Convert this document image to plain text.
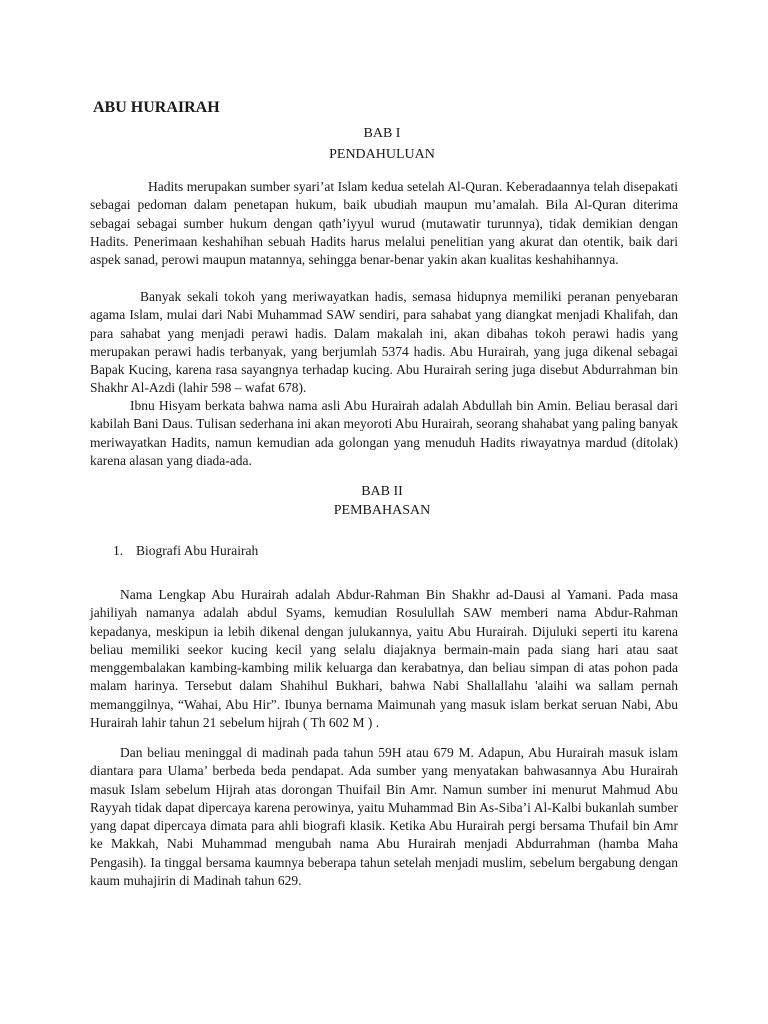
ABU HURAIRAH
BAB I
PENDAHULUAN

Hadits merupakan sumber syari’at Islam kedua setelah Al-Quran. Keberadaannya telah disepakati sebagai pedoman dalam penetapan hukum, baik ubudiah maupun mu’amalah. Bila Al-Quran diterima sebagai sebagai sumber hukum dengan qath’iyyul wurud (mutawatir turunnya), tidak demikian dengan Hadits. Penerimaan keshahihan sebuah Hadits harus melalui penelitian yang akurat dan otentik, baik dari aspek sanad, perowi maupun matannya, sehingga benar-benar yakin akan kualitas keshahihannya.

Banyak sekali tokoh yang meriwayatkan hadis, semasa hidupnya memiliki peranan penyebaran agama Islam, mulai dari Nabi Muhammad SAW sendiri, para sahabat yang diangkat menjadi Khalifah, dan para sahabat yang menjadi perawi hadis. Dalam makalah ini, akan dibahas tokoh perawi hadis yang merupakan perawi hadis terbanyak, yang berjumlah 5374 hadis. Abu Hurairah, yang juga dikenal sebagai Bapak Kucing, karena rasa sayangnya terhadap kucing. Abu Hurairah sering juga disebut Abdurrahman bin Shakhr Al-Azdi (lahir 598 – wafat 678).

Ibnu Hisyam berkata bahwa nama asli Abu Hurairah adalah Abdullah bin Amin. Beliau berasal dari kabilah Bani Daus. Tulisan sederhana ini akan meyoroti Abu Hurairah, seorang shahabat yang paling banyak meriwayatkan Hadits, namun kemudian ada golongan yang menuduh Hadits riwayatnya mardud (ditolak) karena alasan yang diada-ada.

BAB II
PEMBAHASAN
1. Biografi Abu Hurairah

Nama Lengkap Abu Hurairah adalah Abdur-Rahman Bin Shakhr ad-Dausi al Yamani. Pada masa jahiliyah namanya adalah abdul Syams, kemudian Rosulullah SAW memberi nama Abdur-Rahman kepadanya, meskipun ia lebih dikenal dengan julukannya, yaitu Abu Hurairah. Dijuluki seperti itu karena beliau memiliki seekor kucing kecil yang selalu diajaknya bermain-main pada siang hari atau saat menggembalakan kambing-kambing milik keluarga dan kerabatnya, dan beliau simpan di atas pohon pada malam harinya. Tersebut dalam Shahihul Bukhari, bahwa Nabi Shallallahu 'alaihi wa sallam pernah memanggilnya, “Wahai, Abu Hir”. Ibunya bernama Maimunah yang masuk islam berkat seruan Nabi, Abu Hurairah lahir tahun 21 sebelum hijrah ( Th 602 M ) .

Dan beliau meninggal di madinah pada tahun 59H atau 679 M. Adapun, Abu Hurairah masuk islam diantara para Ulama’ berbeda beda pendapat. Ada sumber yang menyatakan bahwasannya Abu Hurairah masuk Islam sebelum Hijrah atas dorongan Thuifail Bin Amr. Namun sumber ini menurut Mahmud Abu Rayyah tidak dapat dipercaya karena perowinya, yaitu Muhammad Bin As-Siba’i Al-Kalbi bukanlah sumber yang dapat dipercaya dimata para ahli biografi klasik. Ketika Abu Hurairah pergi bersama Thufail bin Amr ke Makkah, Nabi Muhammad mengubah nama Abu Hurairah menjadi Abdurrahman (hamba Maha Pengasih). Ia tinggal bersama kaumnya beberapa tahun setelah menjadi muslim, sebelum bergabung dengan kaum muhajirin di Madinah tahun 629.
